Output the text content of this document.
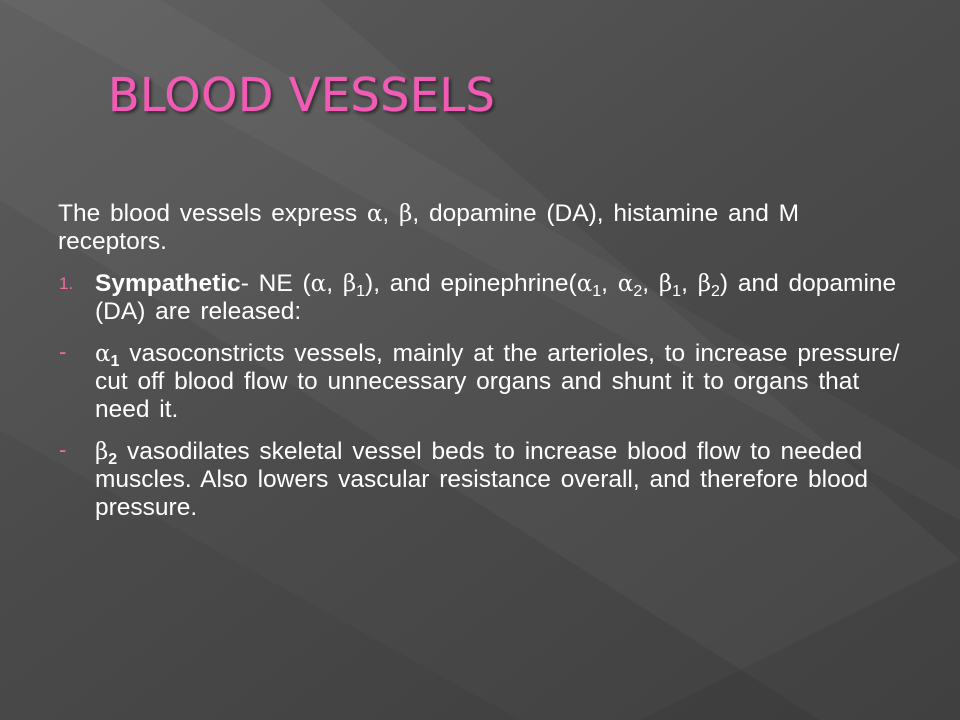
BLOOD VESSELS

The blood vessels express α, β, dopamine (DA), histamine and M receptors.

1. Sympathetic- NE (α, $\beta_1$), and $epinephrine(\alpha_1$, $\alpha_2$, $\beta_1$, $\beta_2$) and dopamine (DA) are released:
- $\alpha_1$ vasoconstricts vessels, mainly at the arterioles, to increase pressure/ cut off blood flow to unnecessary organs and shunt it to organs that need it.
- $\beta_2$ vasodilates skeletal vessel beds to increase blood flow to needed muscles. Also lowers vascular resistance overall, and therefore blood pressure.
